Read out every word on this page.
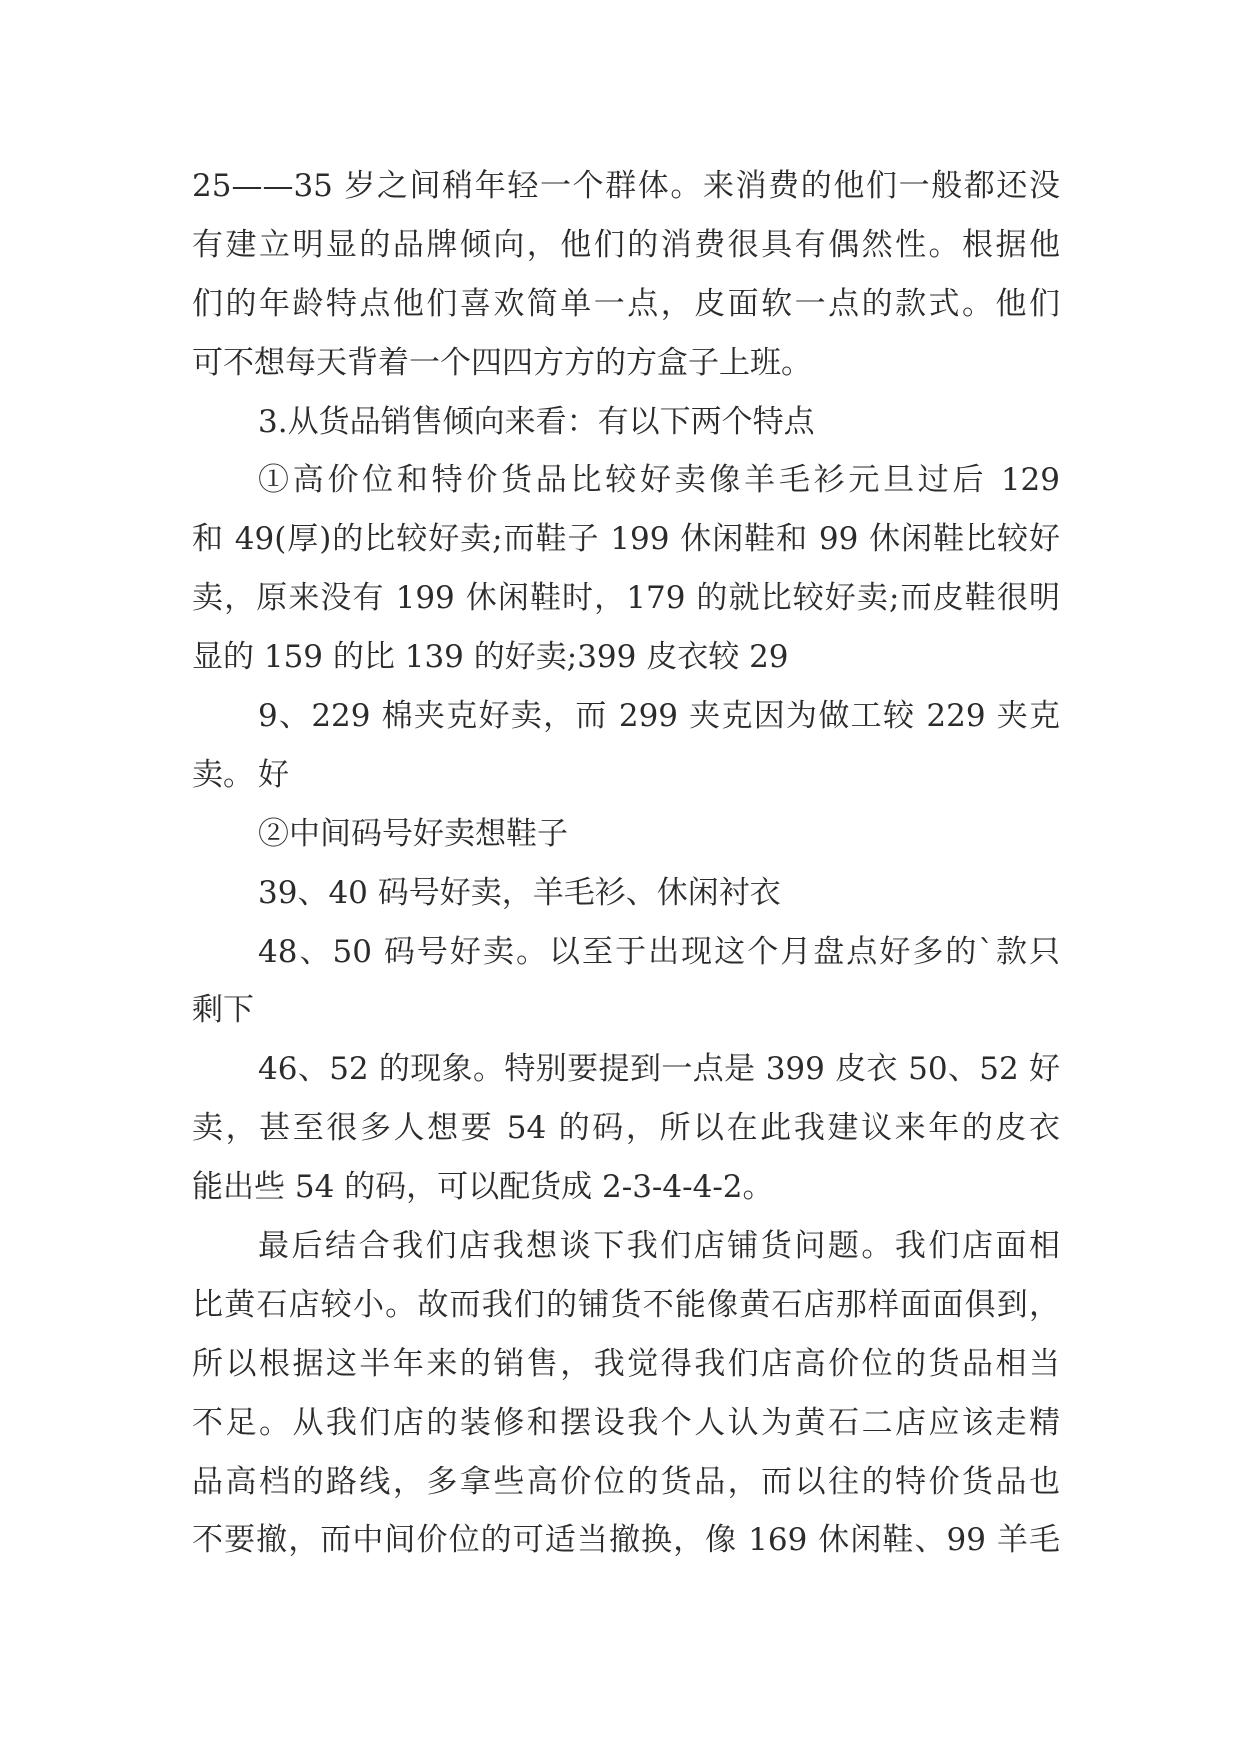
25——35 岁之间稍年轻一个群体。来消费的他们一般都还没
有建立明显的品牌倾向，他们的消费很具有偶然性。根据他
们的年龄特点他们喜欢简单一点，皮面软一点的款式。他们
可不想每天背着一个四四方方的方盒子上班。
3.从货品销售倾向来看：有以下两个特点
①高价位和特价货品比较好卖像羊毛衫元旦过后 129
和 49(厚)的比较好卖;而鞋子 199 休闲鞋和 99 休闲鞋比较好
卖，原来没有 199 休闲鞋时，179 的就比较好卖;而皮鞋很明
显的 159 的比 139 的好卖;399 皮衣较 29
9、229 棉夹克好卖，而 299 夹克因为做工较 229 夹克好
卖。
②中间码号好卖想鞋子
39、40 码号好卖，羊毛衫、休闲衬衣
48、50 码号好卖。以至于出现这个月盘点好多的`款只
剩下
46、52 的现象。特别要提到一点是 399 皮衣 50、52 好
卖，甚至很多人想要 54 的码，所以在此我建议来年的皮衣
能出些 54 的码，可以配货成 2-3-4-4-2。
最后结合我们店我想谈下我们店铺货问题。我们店面相
比黄石店较小。故而我们的铺货不能像黄石店那样面面俱到，
所以根据这半年来的销售，我觉得我们店高价位的货品相当
不足。从我们店的装修和摆设我个人认为黄石二店应该走精
品高档的路线，多拿些高价位的货品，而以往的特价货品也
不要撤，而中间价位的可适当撤换，像 169 休闲鞋、99 羊毛
